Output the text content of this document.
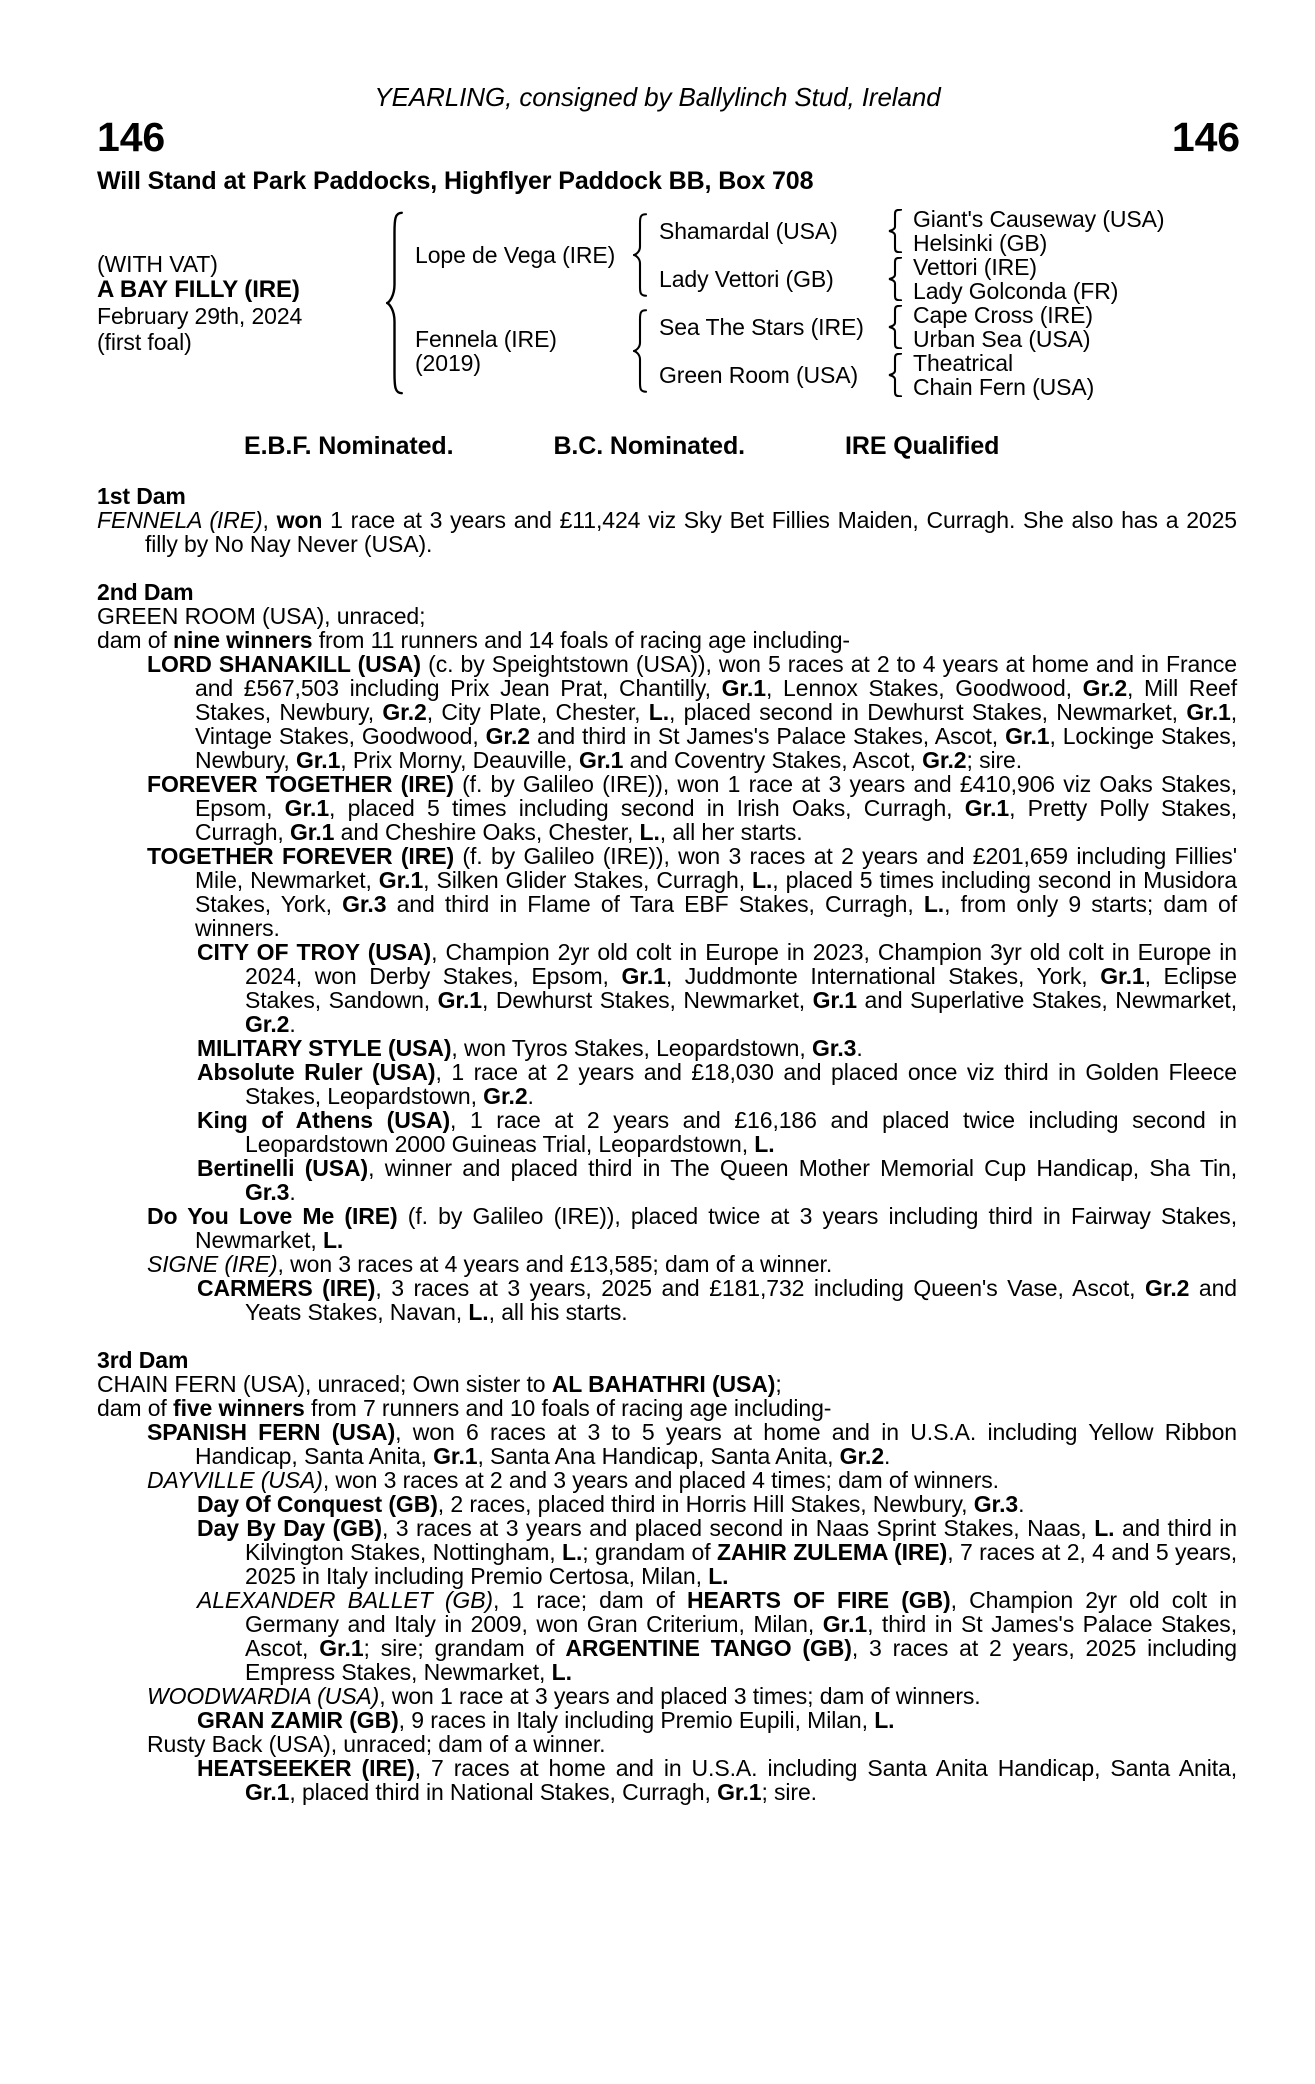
YEARLING, consigned by Ballylinch Stud, Ireland
146	146
Will Stand at Park Paddocks, Highflyer Paddock BB, Box 708
(WITH VAT)
A BAY FILLY (IRE)
February 29th, 2024
(first foal)
Lope de Vega (IRE)
Fennela (IRE)
(2019)
Shamardal (USA)
Lady Vettori (GB)
Sea The Stars (IRE)
Green Room (USA)
Giant's Causeway (USA)
Helsinki (GB)
Vettori (IRE)
Lady Golconda (FR)
Cape Cross (IRE)
Urban Sea (USA)
Theatrical
Chain Fern (USA)
E.B.F. Nominated.	B.C. Nominated.	IRE Qualified
1st Dam

FENNELA (IRE), won 1 race at 3 years and £11,424 viz Sky Bet Fillies Maiden, Curragh. She also has a 2025 filly by No Nay Never (USA).

2nd Dam

GREEN ROOM (USA), unraced;

dam of nine winners from 11 runners and 14 foals of racing age including-

LORD SHANAKILL (USA) (c. by Speightstown (USA)), won 5 races at 2 to 4 years at home and in France and £567,503 including Prix Jean Prat, Chantilly, Gr.1, Lennox Stakes, Goodwood, Gr.2, Mill Reef Stakes, Newbury, Gr.2, City Plate, Chester, L., placed second in Dewhurst Stakes, Newmarket, Gr.1, Vintage Stakes, Goodwood, Gr.2 and third in St James's Palace Stakes, Ascot, Gr.1, Lockinge Stakes, Newbury, Gr.1, Prix Morny, Deauville, Gr.1 and Coventry Stakes, Ascot, Gr.2; sire.

FOREVER TOGETHER (IRE) (f. by Galileo (IRE)), won 1 race at 3 years and £410,906 viz Oaks Stakes, Epsom, Gr.1, placed 5 times including second in Irish Oaks, Curragh, Gr.1, Pretty Polly Stakes, Curragh, Gr.1 and Cheshire Oaks, Chester, L., all her starts.

TOGETHER FOREVER (IRE) (f. by Galileo (IRE)), won 3 races at 2 years and £201,659 including Fillies' Mile, Newmarket, Gr.1, Silken Glider Stakes, Curragh, L., placed 5 times including second in Musidora Stakes, York, Gr.3 and third in Flame of Tara EBF Stakes, Curragh, L., from only 9 starts; dam of winners.

CITY OF TROY (USA), Champion 2yr old colt in Europe in 2023, Champion 3yr old colt in Europe in 2024, won Derby Stakes, Epsom, Gr.1, Juddmonte International Stakes, York, Gr.1, Eclipse Stakes, Sandown, Gr.1, Dewhurst Stakes, Newmarket, Gr.1 and Superlative Stakes, Newmarket, Gr.2.

MILITARY STYLE (USA), won Tyros Stakes, Leopardstown, Gr.3.

Absolute Ruler (USA), 1 race at 2 years and £18,030 and placed once viz third in Golden Fleece Stakes, Leopardstown, Gr.2.

King of Athens (USA), 1 race at 2 years and £16,186 and placed twice including second in Leopardstown 2000 Guineas Trial, Leopardstown, L.

Bertinelli (USA), winner and placed third in The Queen Mother Memorial Cup Handicap, Sha Tin, Gr.3.

Do You Love Me (IRE) (f. by Galileo (IRE)), placed twice at 3 years including third in Fairway Stakes, Newmarket, L.

SIGNE (IRE), won 3 races at 4 years and £13,585; dam of a winner.

CARMERS (IRE), 3 races at 3 years, 2025 and £181,732 including Queen's Vase, Ascot, Gr.2 and Yeats Stakes, Navan, L., all his starts.

3rd Dam

CHAIN FERN (USA), unraced; Own sister to AL BAHATHRI (USA);

dam of five winners from 7 runners and 10 foals of racing age including-

SPANISH FERN (USA), won 6 races at 3 to 5 years at home and in U.S.A. including Yellow Ribbon Handicap, Santa Anita, Gr.1, Santa Ana Handicap, Santa Anita, Gr.2.

DAYVILLE (USA), won 3 races at 2 and 3 years and placed 4 times; dam of winners.

Day Of Conquest (GB), 2 races, placed third in Horris Hill Stakes, Newbury, Gr.3.

Day By Day (GB), 3 races at 3 years and placed second in Naas Sprint Stakes, Naas, L. and third in Kilvington Stakes, Nottingham, L.; grandam of ZAHIR ZULEMA (IRE), 7 races at 2, 4 and 5 years, 2025 in Italy including Premio Certosa, Milan, L.

ALEXANDER BALLET (GB), 1 race; dam of HEARTS OF FIRE (GB), Champion 2yr old colt in Germany and Italy in 2009, won Gran Criterium, Milan, Gr.1, third in St James's Palace Stakes, Ascot, Gr.1; sire; grandam of ARGENTINE TANGO (GB), 3 races at 2 years, 2025 including Empress Stakes, Newmarket, L.

WOODWARDIA (USA), won 1 race at 3 years and placed 3 times; dam of winners.

GRAN ZAMIR (GB), 9 races in Italy including Premio Eupili, Milan, L.

Rusty Back (USA), unraced; dam of a winner.

HEATSEEKER (IRE), 7 races at home and in U.S.A. including Santa Anita Handicap, Santa Anita, Gr.1, placed third in National Stakes, Curragh, Gr.1; sire.
